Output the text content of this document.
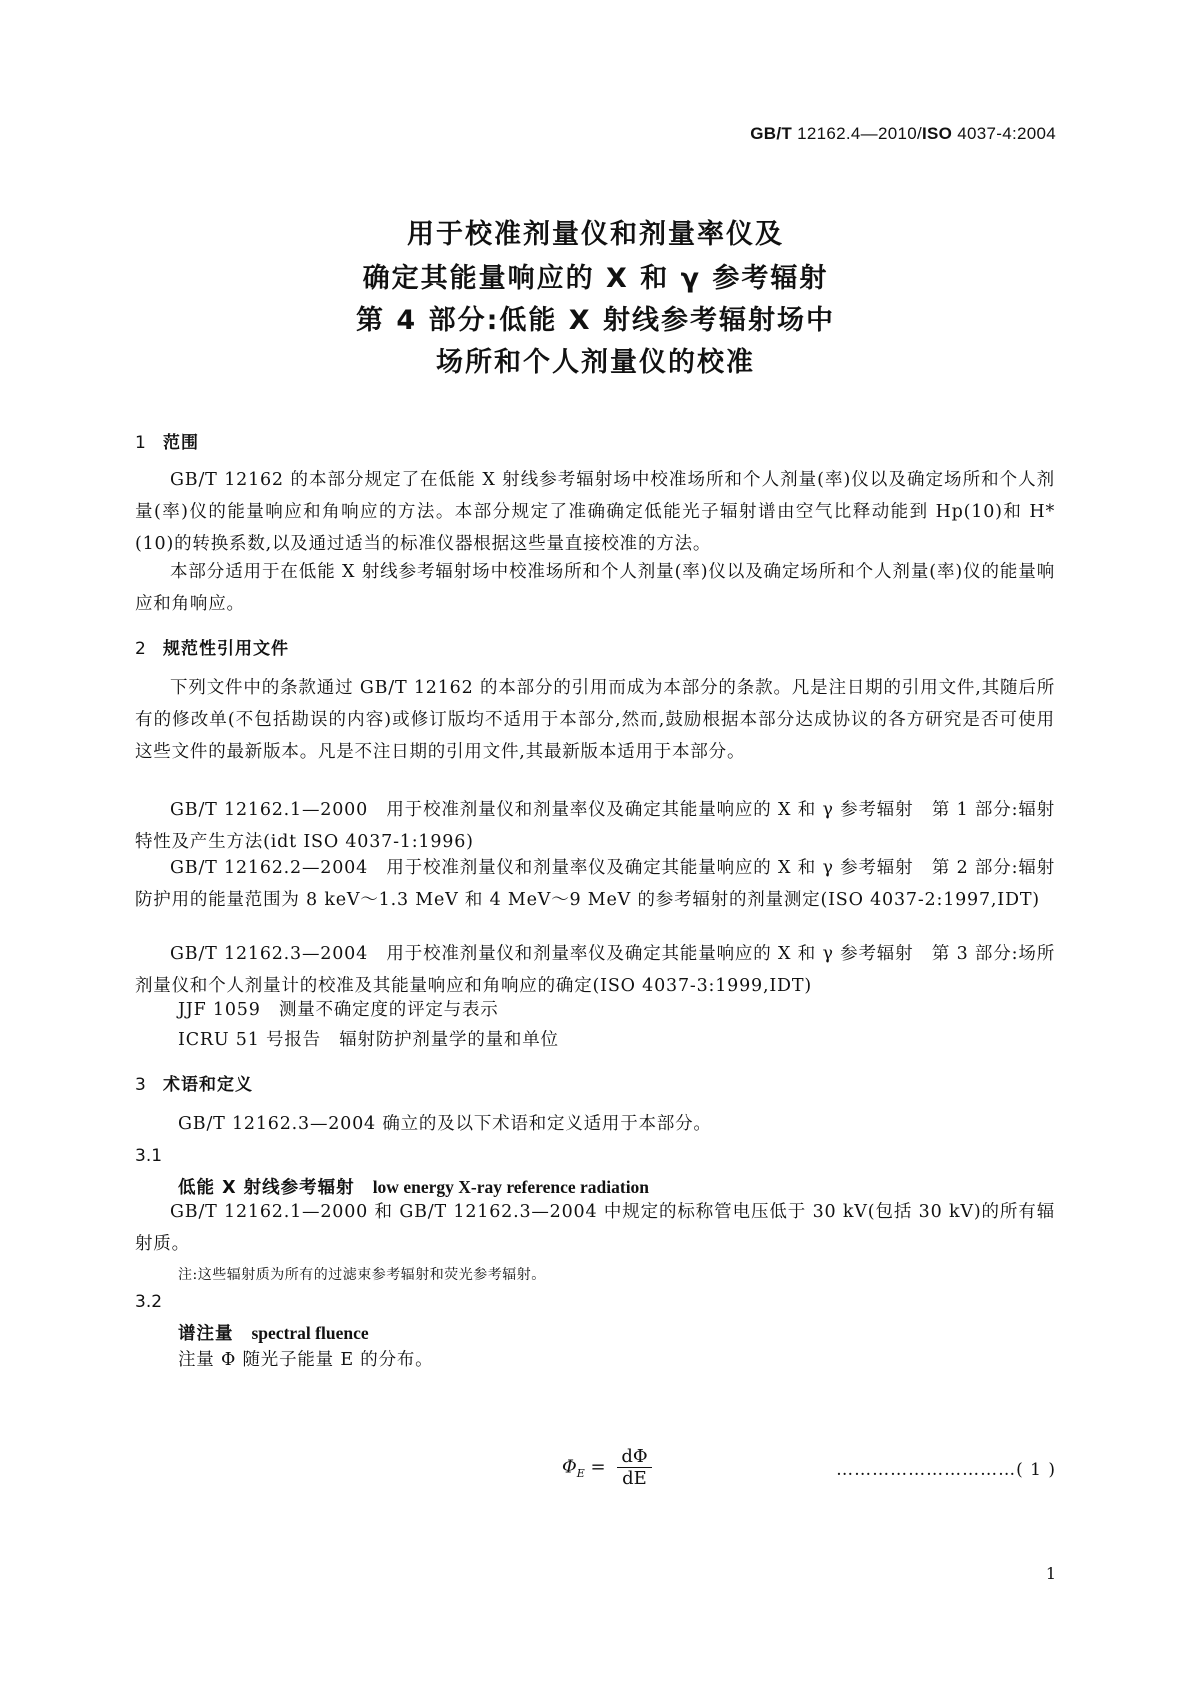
GB/T 12162.4—2010/ISO 4037-4:2004
用于校准剂量仪和剂量率仪及
确定其能量响应的 X 和 γ 参考辐射
第 4 部分:低能 X 射线参考辐射场中
场所和个人剂量仪的校准
1 范围
GB/T 12162 的本部分规定了在低能 X 射线参考辐射场中校准场所和个人剂量(率)仪以及确定场所和个人剂量(率)仪的能量响应和角响应的方法。本部分规定了准确确定低能光子辐射谱由空气比释动能到 Hp(10)和 H*(10)的转换系数,以及通过适当的标准仪器根据这些量直接校准的方法。
本部分适用于在低能 X 射线参考辐射场中校准场所和个人剂量(率)仪以及确定场所和个人剂量(率)仪的能量响应和角响应。
2 规范性引用文件
下列文件中的条款通过 GB/T 12162 的本部分的引用而成为本部分的条款。凡是注日期的引用文件,其随后所有的修改单(不包括勘误的内容)或修订版均不适用于本部分,然而,鼓励根据本部分达成协议的各方研究是否可使用这些文件的最新版本。凡是不注日期的引用文件,其最新版本适用于本部分。
GB/T 12162.1—2000　用于校准剂量仪和剂量率仪及确定其能量响应的 X 和 γ 参考辐射　第 1 部分:辐射特性及产生方法(idt ISO 4037-1:1996)
GB/T 12162.2—2004　用于校准剂量仪和剂量率仪及确定其能量响应的 X 和 γ 参考辐射　第 2 部分:辐射防护用的能量范围为 8 keV～1.3 MeV 和 4 MeV～9 MeV 的参考辐射的剂量测定(ISO 4037-2:1997,IDT)
GB/T 12162.3—2004　用于校准剂量仪和剂量率仪及确定其能量响应的 X 和 γ 参考辐射　第 3 部分:场所剂量仪和个人剂量计的校准及其能量响应和角响应的确定(ISO 4037-3:1999,IDT)
JJF 1059　测量不确定度的评定与表示
ICRU 51 号报告　辐射防护剂量学的量和单位
3 术语和定义
GB/T 12162.3—2004 确立的及以下术语和定义适用于本部分。
3.1
低能 X 射线参考辐射 low energy X-ray reference radiation
GB/T 12162.1—2000 和 GB/T 12162.3—2004 中规定的标称管电压低于 30 kV(包括 30 kV)的所有辐射质。
注:这些辐射质为所有的过滤束参考辐射和荧光参考辐射。
3.2
谱注量 spectral fluence
注量 Φ 随光子能量 E 的分布。
$\Phi_E = \frac{d\Phi}{dE}$	…………………………( 1 )
1
